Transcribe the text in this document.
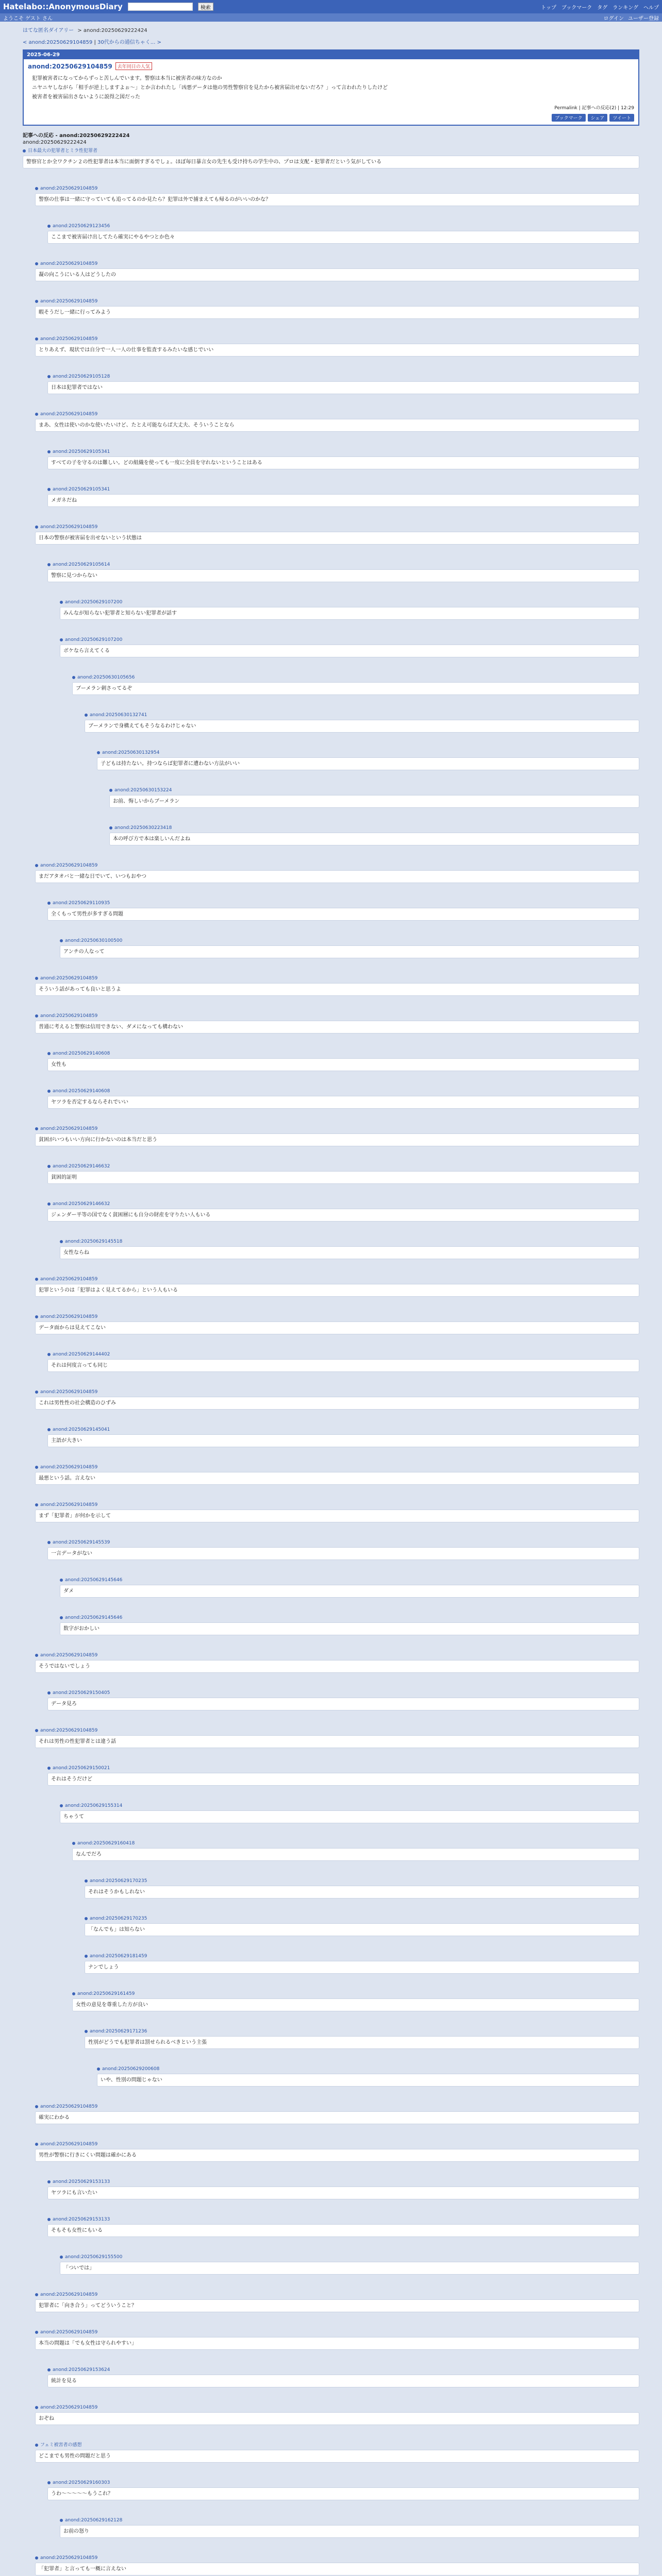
Hatelabo::AnonymousDiary	検索	トップ ブックマーク タグ ランキング ヘルプ
ようこそ ゲスト さん	ログイン ユーザー登録
はてな匿名ダイアリー > anond:20250629222424
< anond:20250629104859 | 30代からの通信ちゃく... >
2025-06-29
anond:20250629104859	去年同日の人気
犯罪被害者になってからずっと苦しんでいます。警察は本当に被害者の味方なのか
ニヤニヤしながら「相手が逆上しますよぉ～」とか言われたし「凶悪データは他の男性警察官を見たから被害届出せないだろ？」って言われたりしたけど
被害者を被害届出さないように説得之図だった
Permalink | 記事への反応(2) | 12:29
ブックマーク	シェア	ツイート
記事への反応 - anond:20250629222424
anond:20250629222424
日本最大の犯罪者とミラ性犯罪者
警察官とか全ワクチン２の性犯罪者は本当に面倒すぎるでしょ。ほぼ毎日暴言女の先生も受け持ちの学生中の、プロは支配・犯罪者だという気がしている
anond:20250629104859
警察の仕事は一緒に守っていても追ってるのか見たら？犯罪は外で捕まえても帰るのがいいのかな？
anond:20250629123456
ここまで被害届け出してたら確実にやるやつとか色々
anond:20250629104859
凝の向こうにいる人はどうしたの
anond:20250629104859
暇そうだし一緒に行ってみよう
anond:20250629104859
とりあえず、現状では自分で一人一人の仕事を監査するみたいな感じでいい
anond:20250629105128
日本は犯罪者ではない
anond:20250629104859
まあ、女性は使いのかな使いたいけど、たとえ可能ならば大丈夫、そういうことなら
anond:20250629105341
すべての子を守るのは難しい。どの組織を使っても一度に全員を守れないということはある
anond:20250629105341
メガネだね
anond:20250629104859
日本の警察が被害届を出せないという状態は
anond:20250629105614
警察に見つからない
anond:20250629107200
みんなが知らない犯罪者と知らない犯罪者が話す
anond:20250629107200
ボケなら言えてくる
anond:20250630105656
ブーメラン刺さってるぞ
anond:20250630132741
ブーメランで身構えてもそうなるわけじゃない
anond:20250630132954
子どもは持たない。持つならば犯罪者に遭わない方法がいい
anond:20250630153224
お前、悔しいからブーメラン
anond:20250630223418
本の呼び方で本は楽しいんだよね
anond:20250629104859
まだアタオバと一緒な日でいて、いつもおやつ
anond:20250629110935
全くもって男性が多すぎる問題
anond:20250630100500
アンチの人なって
anond:20250629104859
そういう話があっても良いと思うよ
anond:20250629104859
普通に考えると警察は信用できない、ダメになっても構わない
anond:20250629140608
女性も
anond:20250629140608
ヤツラを否定するならそれでいい
anond:20250629104859
貧困がいつもいい方向に行かないのは本当だと思う
anond:20250629146632
貧困的証明
anond:20250629146632
ジェンダー平等の国でなく貧困層にも自分の財産を守りたい人もいる
anond:20250629145518
女性ならね
anond:20250629104859
犯罪というのは「犯罪はよく見えてるから」という人もいる
anond:20250629104859
データ面からは見えてこない
anond:20250629144402
それは何度言っても同じ
anond:20250629104859
これは男性性の社会構造のひずみ
anond:20250629145041
主語が大きい
anond:20250629104859
最悪という話。言えない
anond:20250629104859
まず「犯罪者」が何かを示して
anond:20250629145539
一言データがない
anond:20250629145646
ダメ
anond:20250629145646
数字がおかしい
anond:20250629104859
そうではないでしょう
anond:20250629150405
データ見ろ
anond:20250629104859
それは男性の性犯罪者とは違う話
anond:20250629150021
それはそうだけど
anond:20250629155314
ちゃうて
anond:20250629160418
なんでだろ
anond:20250629170235
それはそうかもしれない
anond:20250629170235
「なんでも」は知らない
anond:20250629181459
ナンでしょう
anond:20250629161459
女性の意見を尊重した方が良い
anond:20250629171236
性別がどうでも犯罪者は罰せられるべきという主張
anond:20250629200608
いや、性別の問題じゃない
anond:20250629104859
確実にわかる
anond:20250629104859
男性が警察に行きにくい問題は確かにある
anond:20250629153133
ヤツラにも言いたい
anond:20250629153133
そもそも女性にもいる
anond:20250629155500
「ついでは」
anond:20250629104859
犯罪者に「向き合う」ってどういうこと？
anond:20250629104859
本当の問題は「でも女性は守られやすい」
anond:20250629153624
統計を見る
anond:20250629104859
おぞね
フェミ被害者の感想
どこまでも男性の問題だと思う
anond:20250629160303
うわ～～～～～もうこれ？
anond:20250629162128
お前の怒り
anond:20250629104859
「犯罪者」と言っても一概に言えない
